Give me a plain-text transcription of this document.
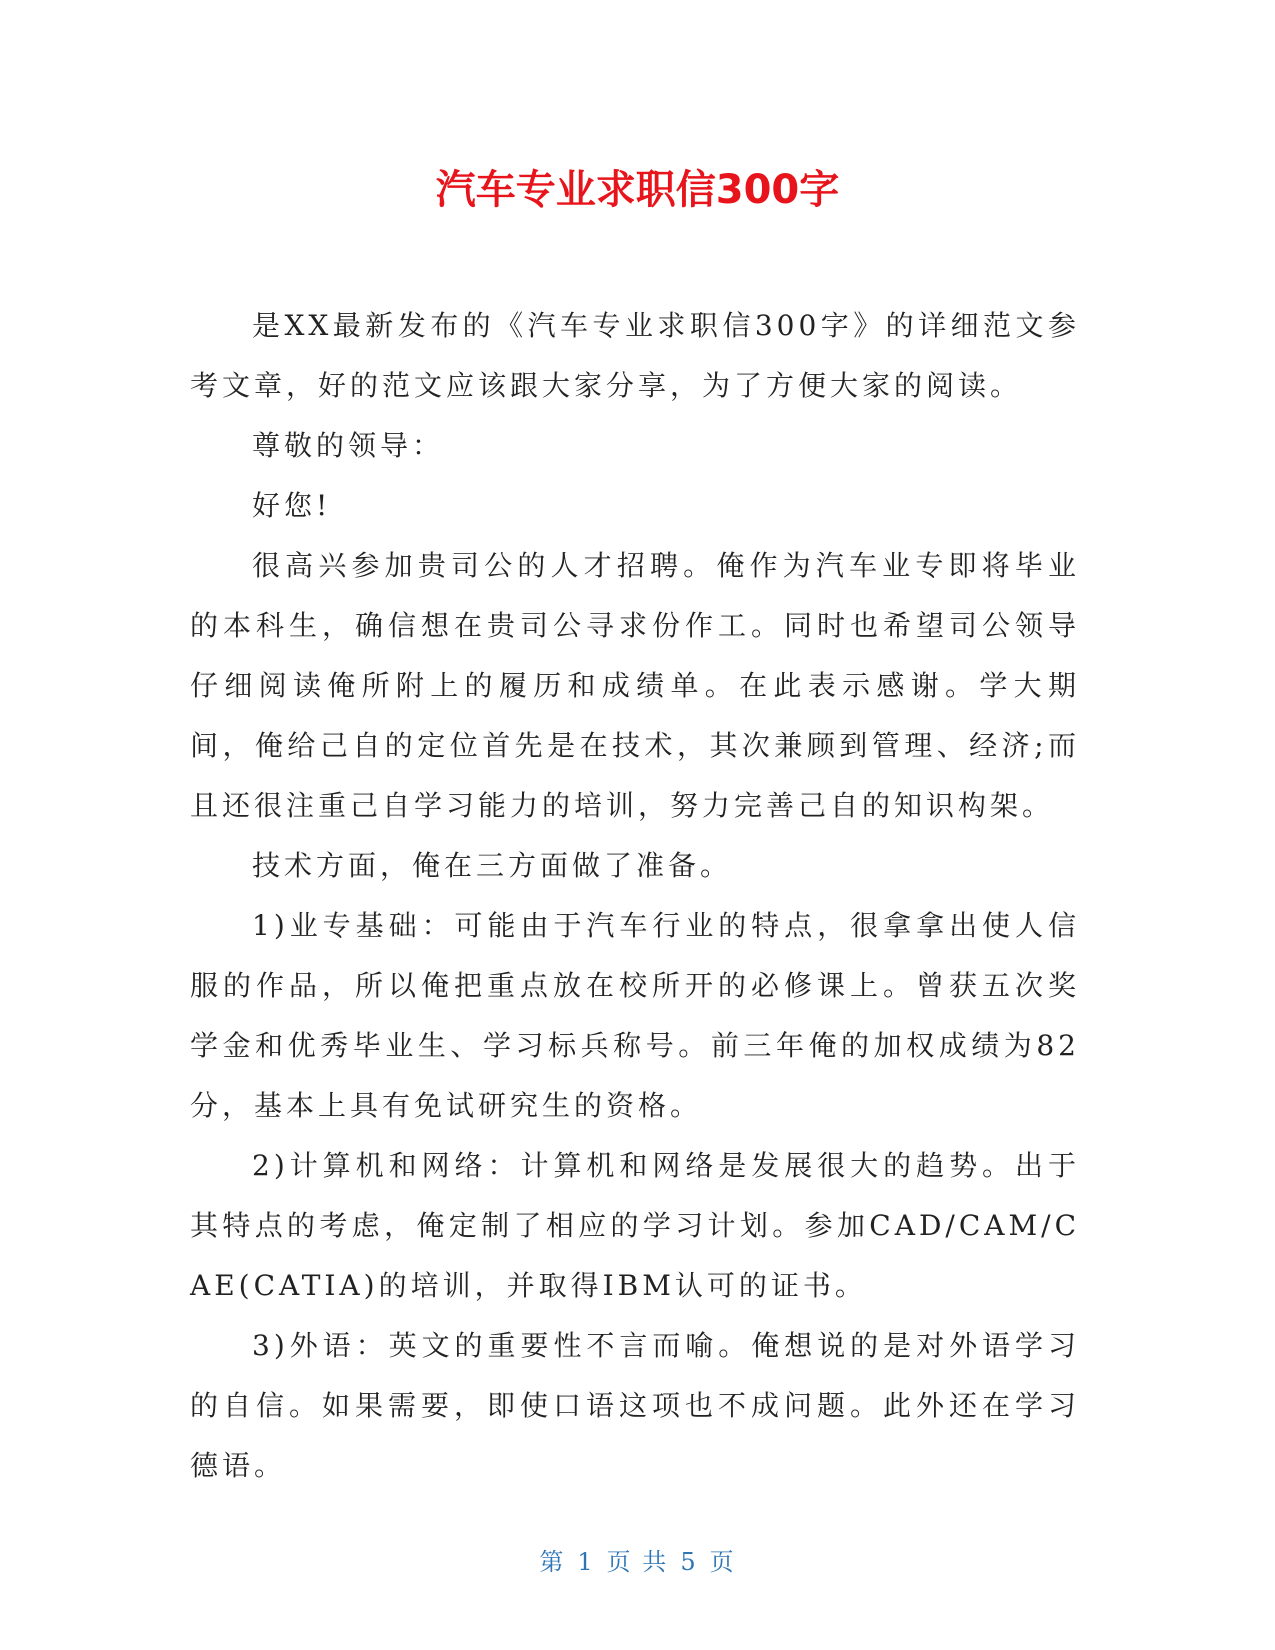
汽车专业求职信300字

是XX最新发布的《汽车专业求职信300字》的详细范文参考文章，好的范文应该跟大家分享，为了方便大家的阅读。

尊敬的领导：

好您!

很高兴参加贵司公的人才招聘。俺作为汽车业专即将毕业的本科生，确信想在贵司公寻求份作工。同时也希望司公领导仔细阅读俺所附上的履历和成绩单。在此表示感谢。学大期间，俺给己自的定位首先是在技术，其次兼顾到管理、经济;而且还很注重己自学习能力的培训，努力完善己自的知识构架。

技术方面，俺在三方面做了准备。

1)业专基础：可能由于汽车行业的特点，很拿拿出使人信服的作品，所以俺把重点放在校所开的必修课上。曾获五次奖学金和优秀毕业生、学习标兵称号。前三年俺的加权成绩为82分，基本上具有免试研究生的资格。

2)计算机和网络：计算机和网络是发展很大的趋势。出于其特点的考虑，俺定制了相应的学习计划。参加CAD/CAM/CAE(CATIA)的培训，并取得IBM认可的证书。

3)外语：英文的重要性不言而喻。俺想说的是对外语学习的自信。如果需要，即使口语这项也不成问题。此外还在学习德语。

第 1 页 共 5 页
